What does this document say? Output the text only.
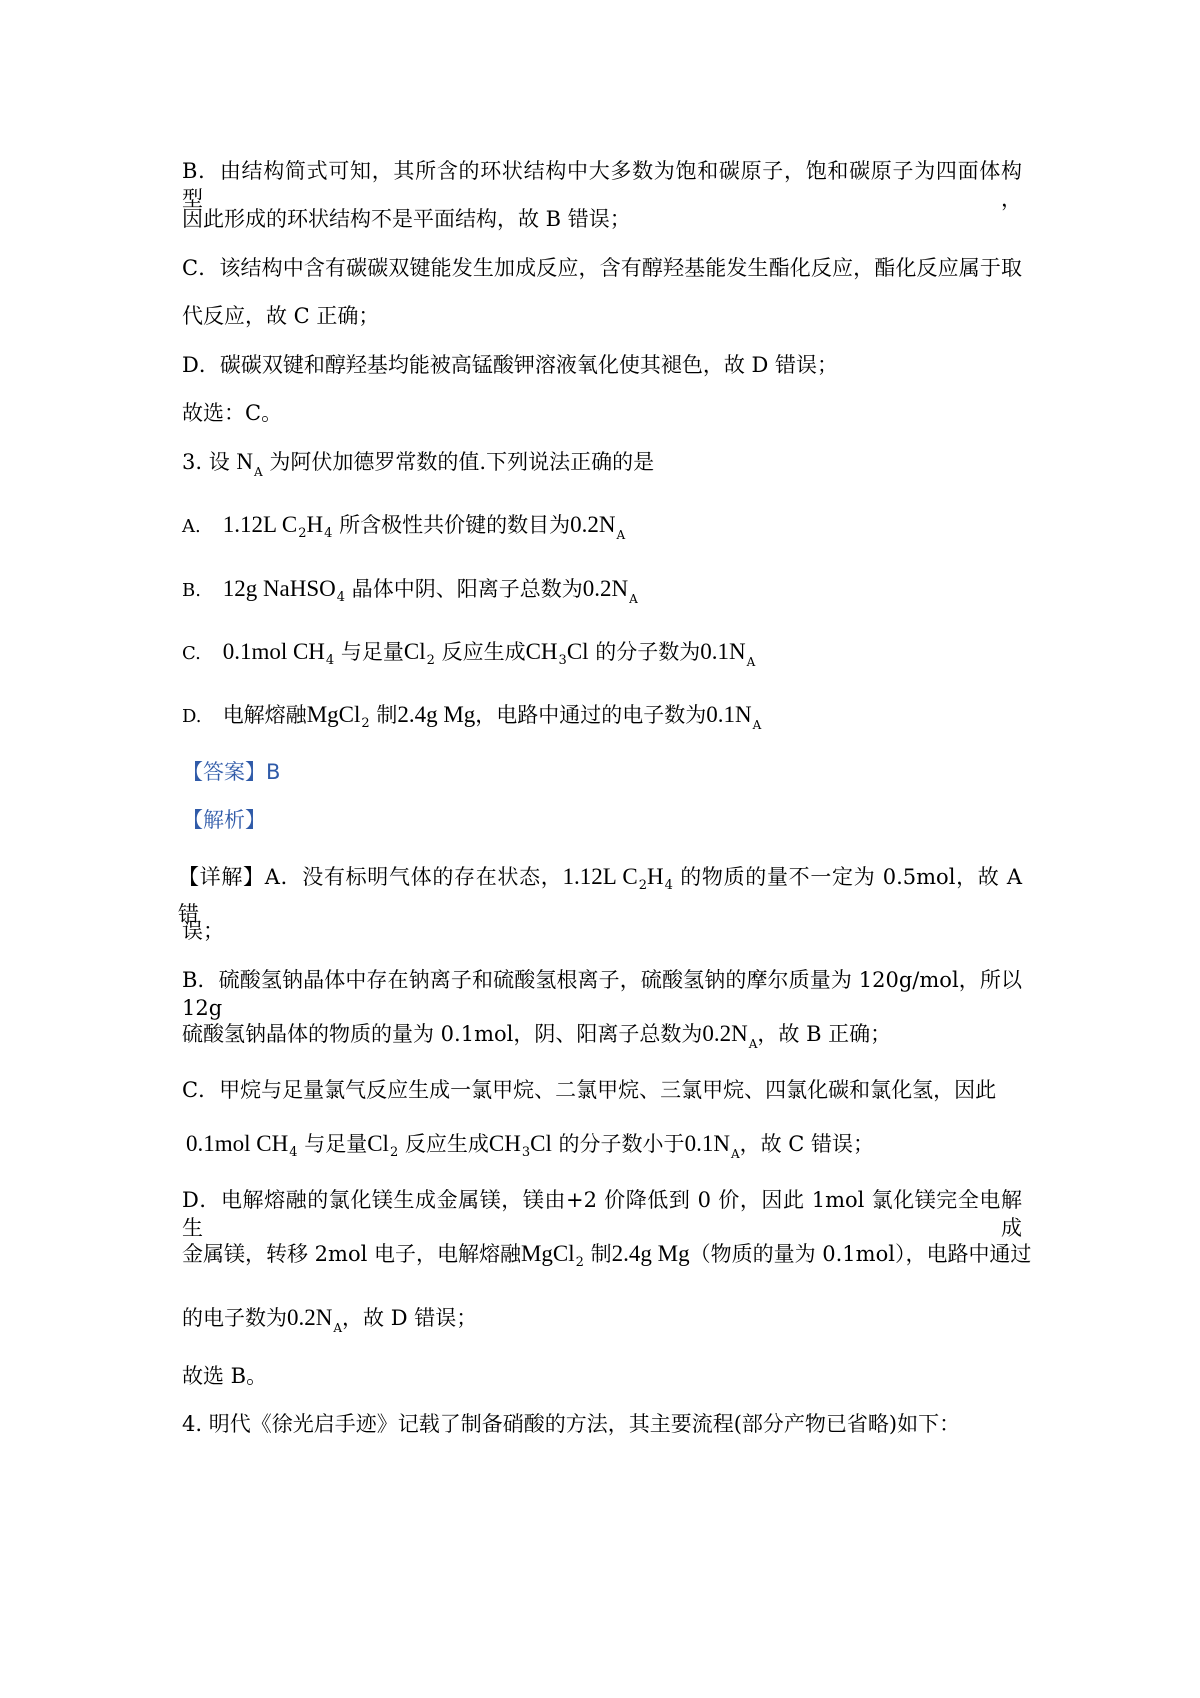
B．由结构简式可知，其所含的环状结构中大多数为饱和碳原子，饱和碳原子为四面体构型，
因此形成的环状结构不是平面结构，故 B 错误；
C．该结构中含有碳碳双键能发生加成反应，含有醇羟基能发生酯化反应，酯化反应属于取
代反应，故 C 正确；
D．碳碳双键和醇羟基均能被高锰酸钾溶液氧化使其褪色，故 D 错误；
故选：C。
3. 设 $N_A$ 为阿伏加德罗常数的值.下列说法正确的是
A. 1.12L $C_2H_4$ 所含极性共价键的数目为$0.2N_A$
B. 12g NaHSO$_4$ 晶体中阴、阳离子总数为$0.2N_A$
C. 0.1mol $CH_4$ 与足量$Cl_2$ 反应生成$CH_3Cl$ 的分子数为$0.1N_A$
D. 电解熔融MgCl$_2$ 制2.4g Mg，电路中通过的电子数为$0.1N_A$
【答案】B
【解析】
【详解】A．没有标明气体的存在状态，1.12L $C_2H_4$ 的物质的量不一定为 0.5mol，故 A 错
误；
B．硫酸氢钠晶体中存在钠离子和硫酸氢根离子，硫酸氢钠的摩尔质量为 120g/mol，所以 12g
硫酸氢钠晶体的物质的量为 0.1mol，阴、阳离子总数为$0.2N_A$，故 B 正确；
C．甲烷与足量氯气反应生成一氯甲烷、二氯甲烷、三氯甲烷、四氯化碳和氯化氢，因此
0.1mol $CH_4$ 与足量$Cl_2$ 反应生成$CH_3Cl$ 的分子数小于$0.1N_A$，故 C 错误；
D．电解熔融的氯化镁生成金属镁，镁由+2 价降低到 0 价，因此 1mol 氯化镁完全电解生成
金属镁，转移 2mol 电子，电解熔融MgCl$_2$ 制2.4g Mg（物质的量为 0.1mol），电路中通过
的电子数为$0.2N_A$，故 D 错误；
故选 B。
4. 明代《徐光启手迹》记载了制备硝酸的方法，其主要流程(部分产物已省略)如下：
